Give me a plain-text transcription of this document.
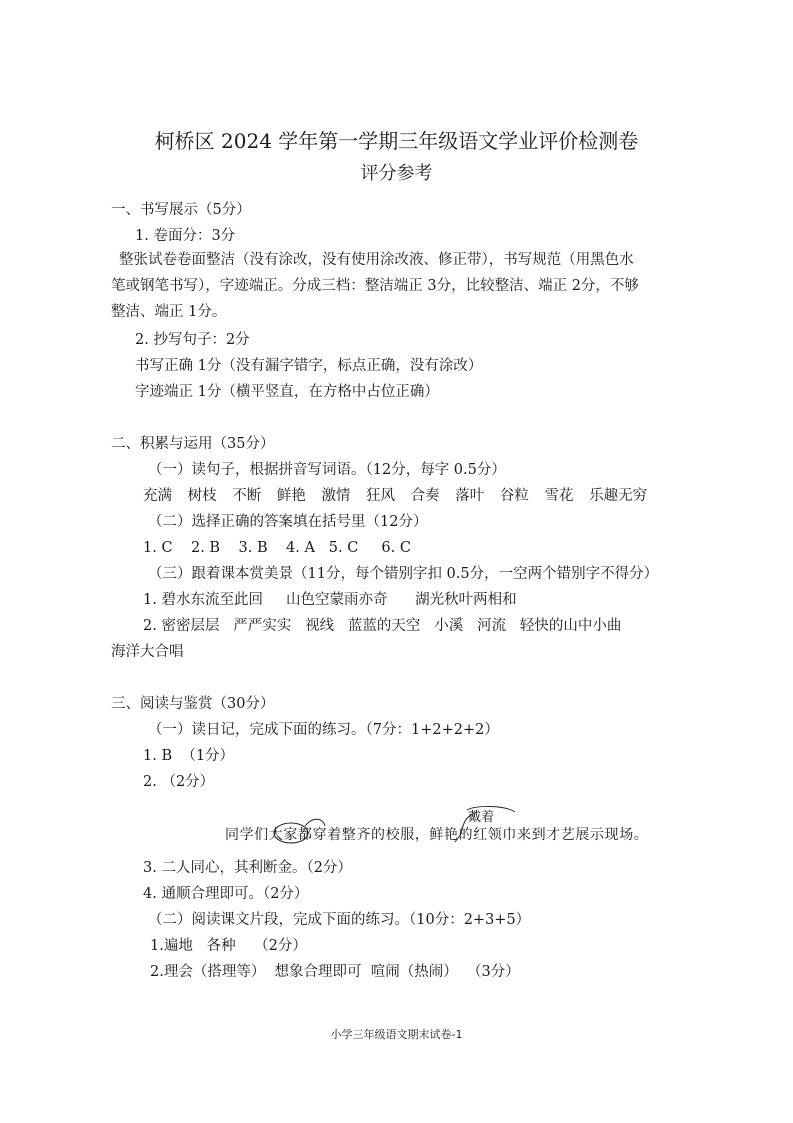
柯桥区 2024 学年第一学期三年级语文学业评价检测卷
评分参考
一、书写展示（5分）
1. 卷面分：3分
整张试卷卷面整洁（没有涂改，没有使用涂改液、修正带），书写规范（用黑色水
笔或钢笔书写），字迹端正。分成三档：整洁端正 3分，比较整洁、端正 2分，不够
整洁、端正 1分。
2. 抄写句子：2分
书写正确 1分（没有漏字错字，标点正确，没有涂改）
字迹端正 1分（横平竖直，在方格中占位正确）
二、积累与运用（35分）
（一）读句子，根据拼音写词语。（12分，每字 0.5分）
充满 树枝 不断 鲜艳 激情 狂风 合奏 落叶 谷粒 雪花 乐趣无穷
（二）选择正确的答案填在括号里（12分）
1. C    2. B    3. B    4. A   5. C     6. C
（三）跟着课本赏美景（11分，每个错别字扣 0.5分，一空两个错别字不得分）
1. 碧水东流至此回     山色空蒙雨亦奇      湖光秋叶两相和
2. 密密层层   严严实实   视线   蓝蓝的天空   小溪   河流   轻快的山中小曲
海洋大合唱
三、阅读与鉴赏（30分）
（一）读日记，完成下面的练习。（7分：1+2+2+2）
1. B  （1分）
2. （2分）
同学们大家都穿着整齐的校服，鲜艳的红领巾来到才艺展示现场。
戴着
3. 二人同心，其利断金。（2分）
4. 通顺合理即可。（2分）
（二）阅读课文片段，完成下面的练习。（10分：2+3+5）
1.遍地   各种    （2分）
2.理会（搭理等）  想象合理即可  喧闹（热闹）  （3分）
小学三年级语文期末试卷-1
